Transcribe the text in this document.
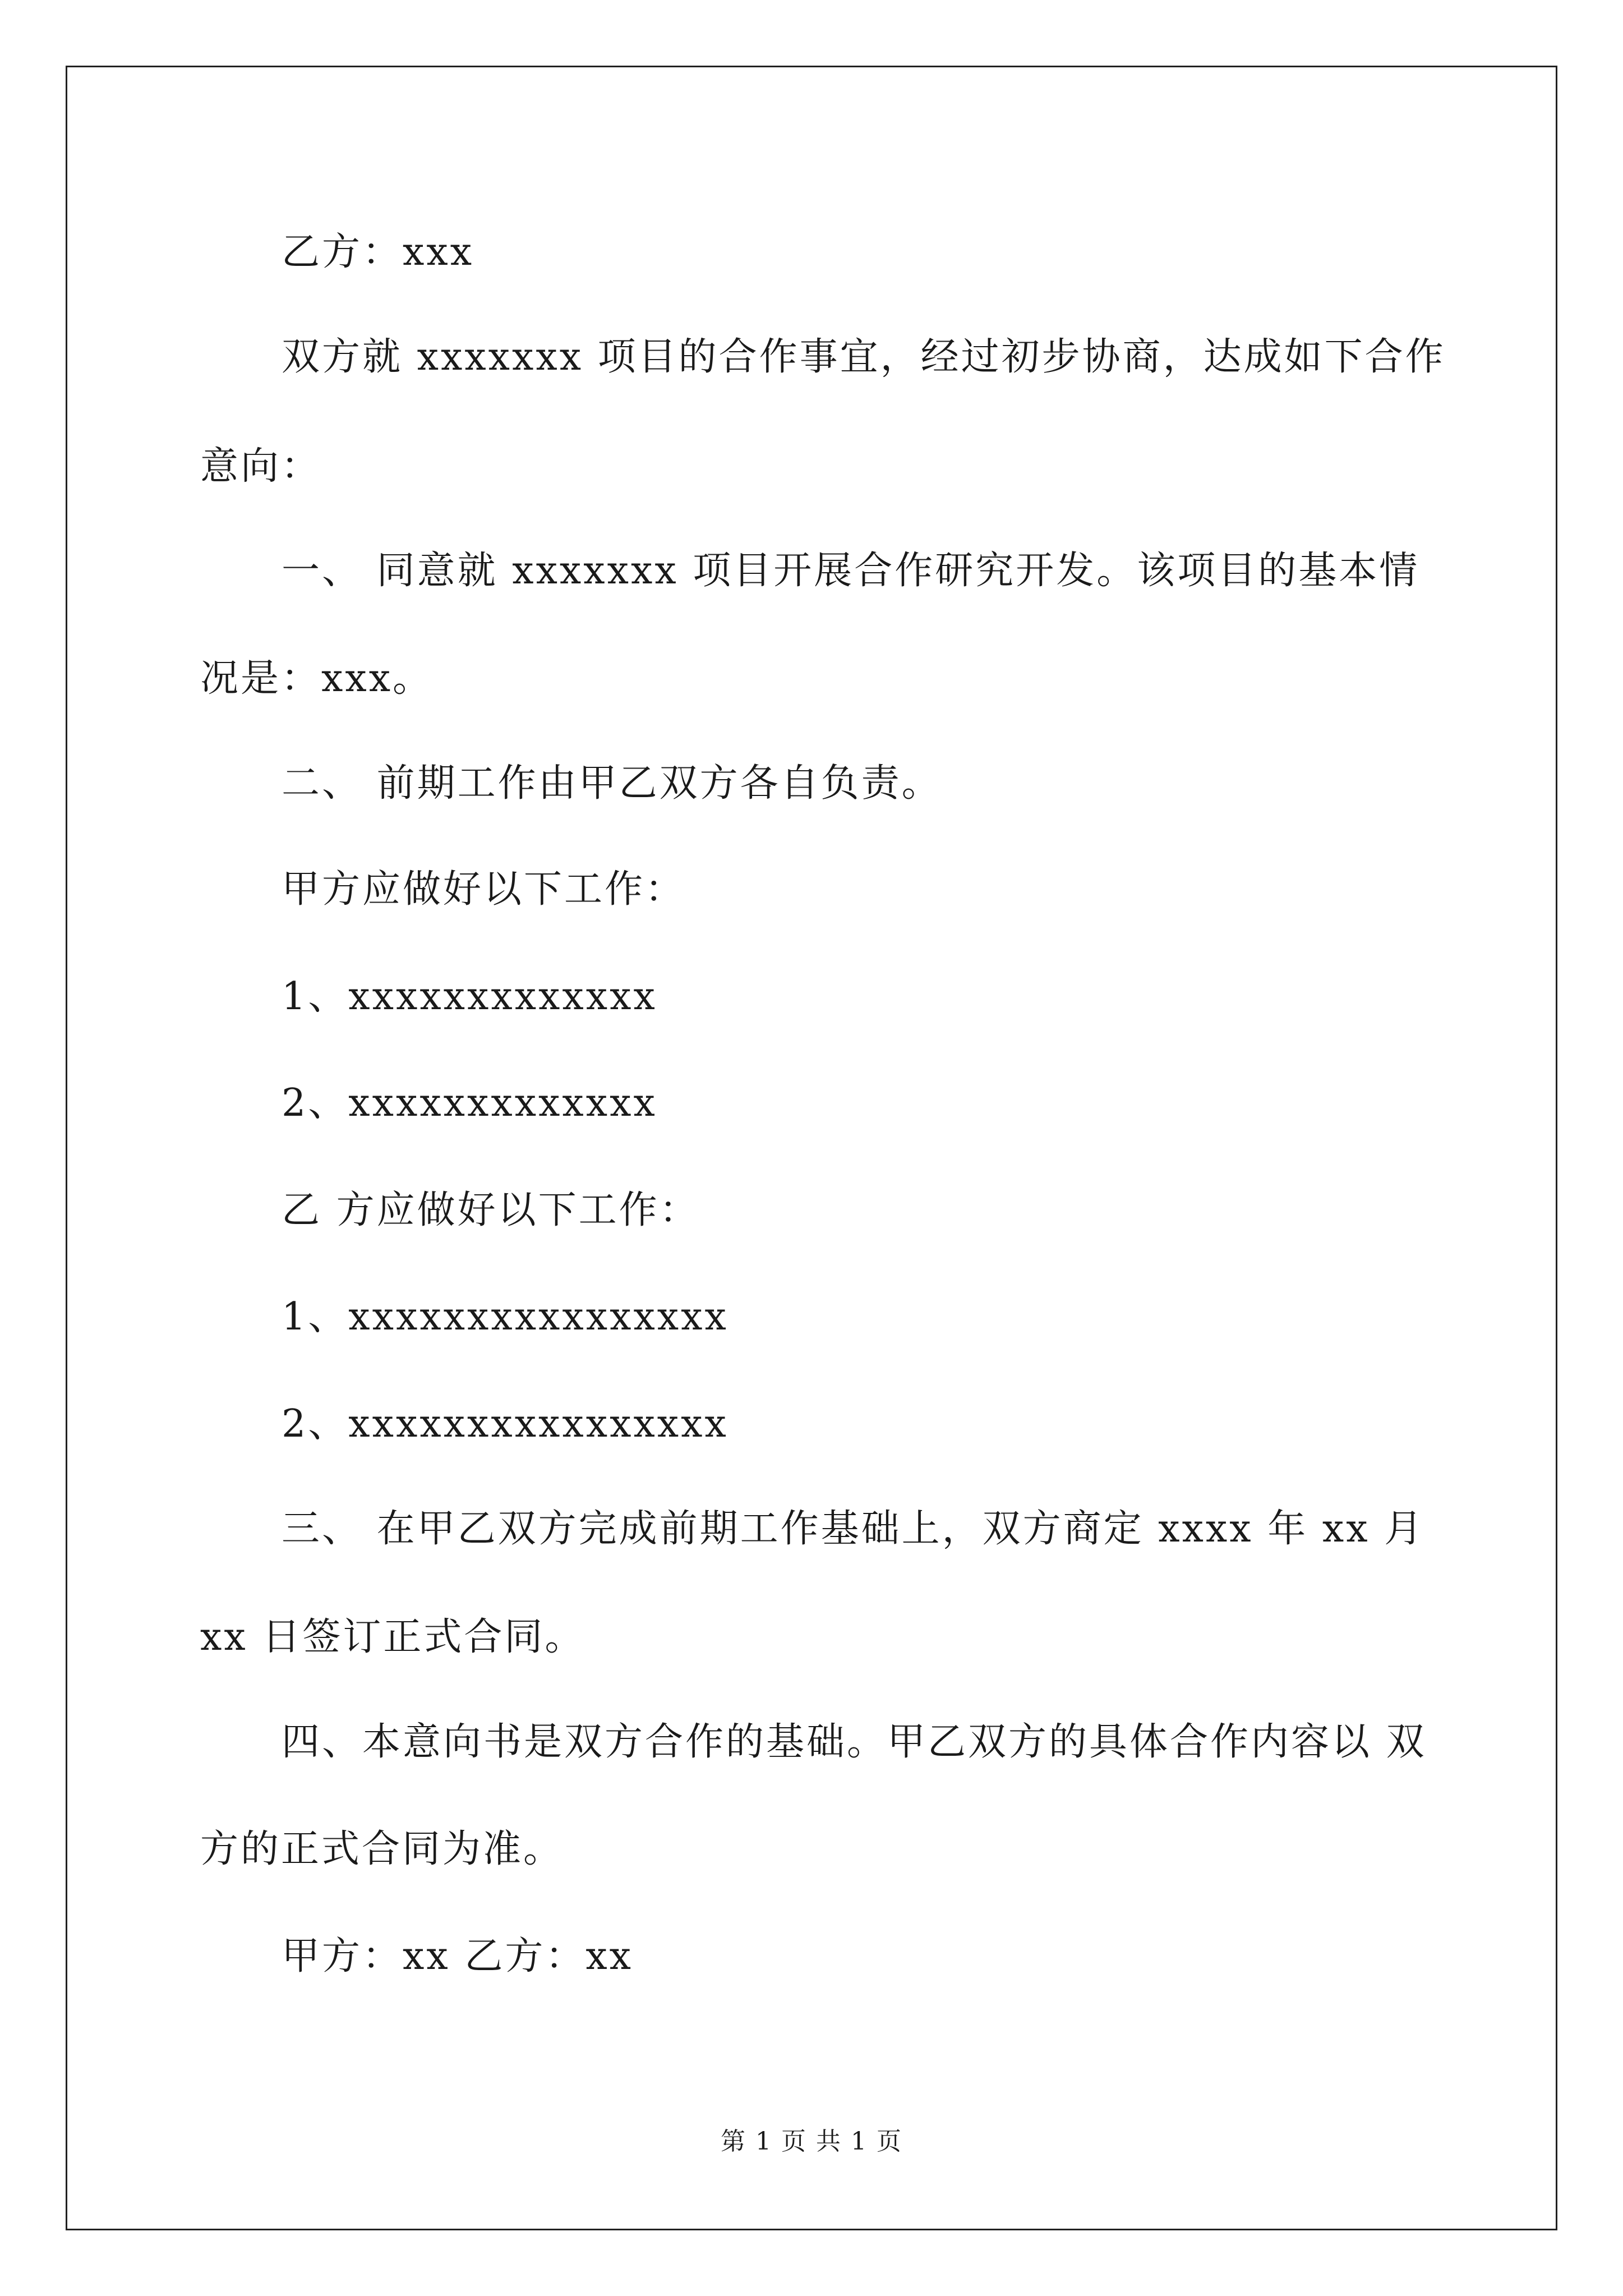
乙方：xxx
双方就 xxxxxxx 项目的合作事宜，经过初步协商，达成如下合作
意向：
一、 同意就 xxxxxxx 项目开展合作研究开发。该项目的基本情
况是：xxx。
二、 前期工作由甲乙双方各自负责。
甲方应做好以下工作：
1、xxxxxxxxxxxxx
2、xxxxxxxxxxxxx
乙 方应做好以下工作：
1、xxxxxxxxxxxxxxxx
2、xxxxxxxxxxxxxxxx
三、 在甲乙双方完成前期工作基础上，双方商定 xxxx 年 xx 月
xx 日签订正式合同。
四、本意向书是双方合作的基础。甲乙双方的具体合作内容以 双
方的正式合同为准。
甲方：xx 乙方：xx
第 1 页 共 1 页
